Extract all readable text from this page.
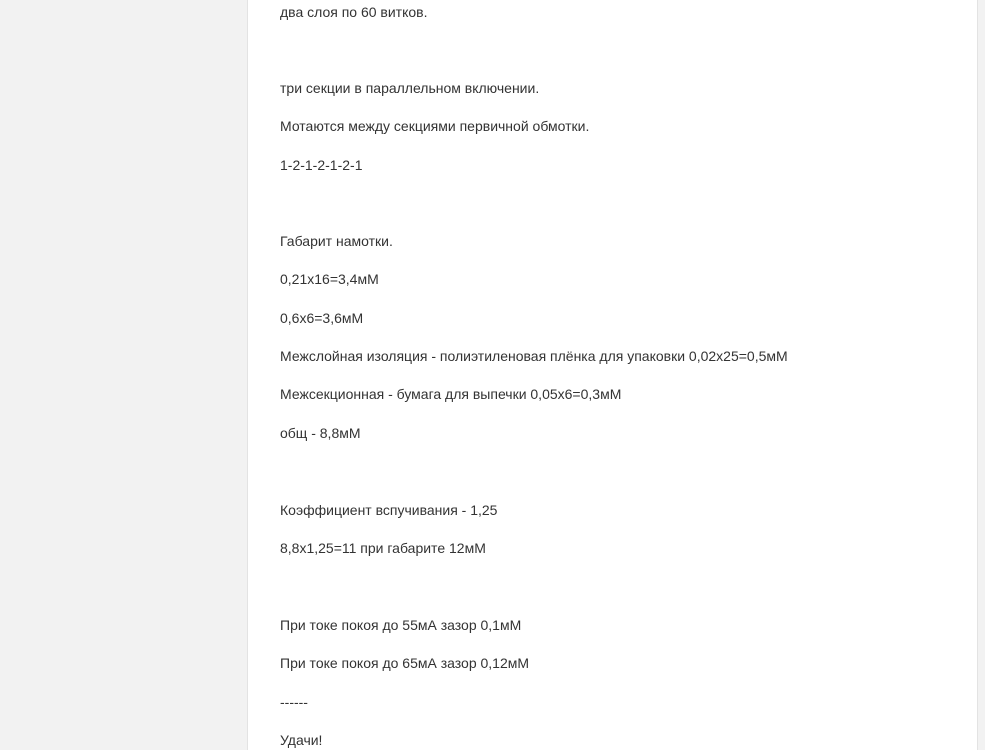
два слоя по 60 витков.
три секции в параллельном включении.
Мотаются между секциями первичной обмотки.
1-2-1-2-1-2-1
Габарит намотки.
0,21х16=3,4мМ
0,6х6=3,6мМ
Межслойная изоляция - полиэтиленовая плёнка для упаковки 0,02х25=0,5мМ
Межсекционная - бумага для выпечки 0,05х6=0,3мМ
общ - 8,8мМ
Коэффициент вспучивания - 1,25
8,8х1,25=11 при габарите 12мМ
При токе покоя до 55мА зазор 0,1мМ
При токе покоя до 65мА зазор 0,12мМ
------
Удачи!
